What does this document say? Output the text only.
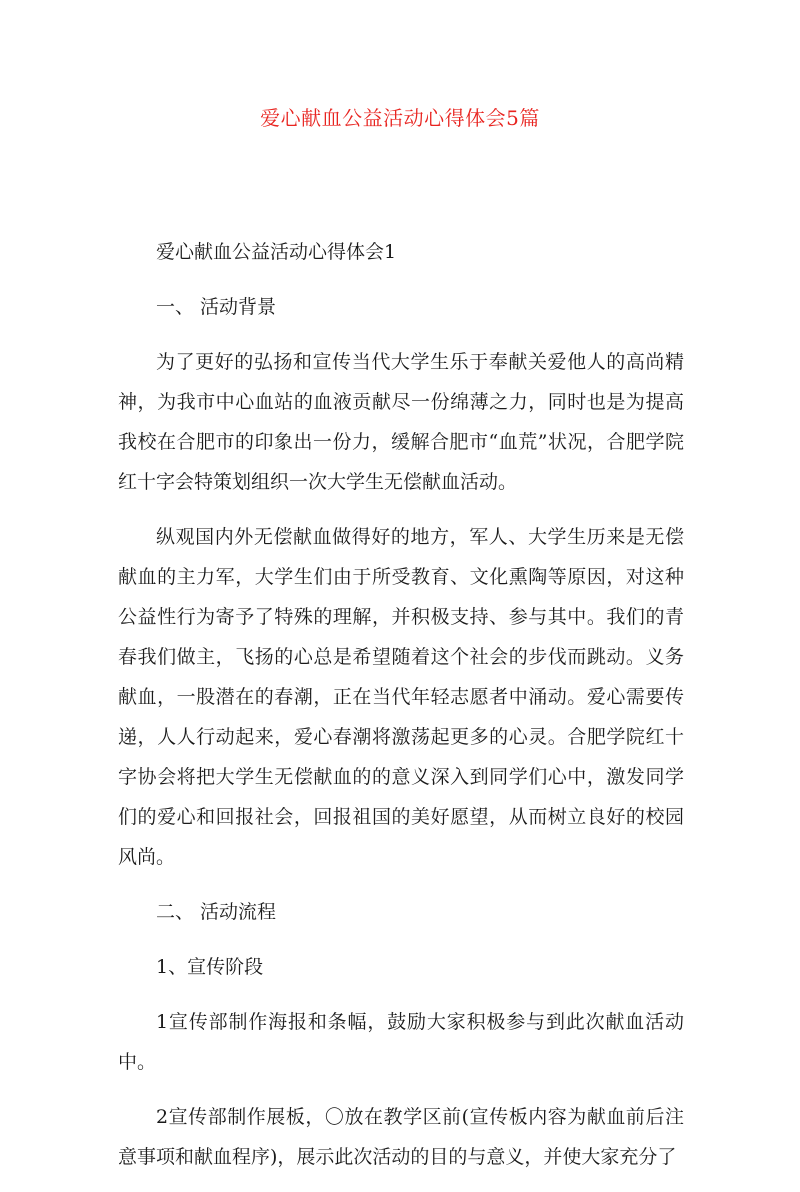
爱心献血公益活动心得体会5篇

爱心献血公益活动心得体会1

一、 活动背景

为了更好的弘扬和宣传当代大学生乐于奉献关爱他人的高尚精神，为我市中心血站的血液贡献尽一份绵薄之力，同时也是为提高我校在合肥市的印象出一份力，缓解合肥市“血荒”状况，合肥学院红十字会特策划组织一次大学生无偿献血活动。

纵观国内外无偿献血做得好的地方，军人、大学生历来是无偿献血的主力军，大学生们由于所受教育、文化熏陶等原因，对这种公益性行为寄予了特殊的理解，并积极支持、参与其中。我们的青春我们做主，飞扬的心总是希望随着这个社会的步伐而跳动。义务献血，一股潜在的春潮，正在当代年轻志愿者中涌动。爱心需要传递，人人行动起来，爱心春潮将激荡起更多的心灵。合肥学院红十字协会将把大学生无偿献血的的意义深入到同学们心中，激发同学们的爱心和回报社会，回报祖国的美好愿望，从而树立良好的校园风尚。

二、 活动流程

1、宣传阶段

1宣传部制作海报和条幅，鼓励大家积极参与到此次献血活动中。

2宣传部制作展板，〇放在教学区前(宣传板内容为献血前后注意事项和献血程序)，展示此次活动的目的与意义，并使大家充分了
